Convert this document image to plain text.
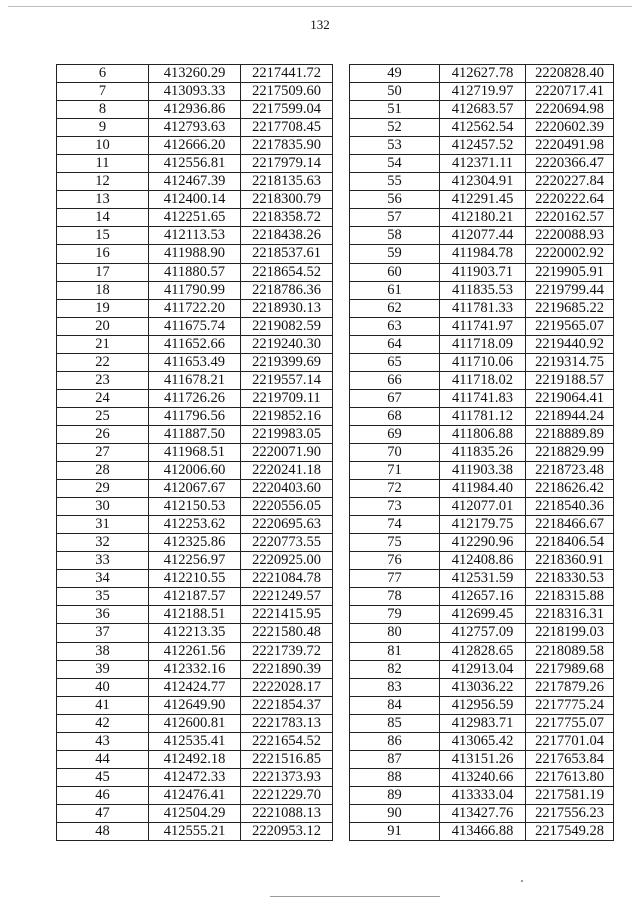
132
6	413260.29	2217441.72
7	413093.33	2217509.60
8	412936.86	2217599.04
9	412793.63	2217708.45
10	412666.20	2217835.90
11	412556.81	2217979.14
12	412467.39	2218135.63
13	412400.14	2218300.79
14	412251.65	2218358.72
15	412113.53	2218438.26
16	411988.90	2218537.61
17	411880.57	2218654.52
18	411790.99	2218786.36
19	411722.20	2218930.13
20	411675.74	2219082.59
21	411652.66	2219240.30
22	411653.49	2219399.69
23	411678.21	2219557.14
24	411726.26	2219709.11
25	411796.56	2219852.16
26	411887.50	2219983.05
27	411968.51	2220071.90
28	412006.60	2220241.18
29	412067.67	2220403.60
30	412150.53	2220556.05
31	412253.62	2220695.63
32	412325.86	2220773.55
33	412256.97	2220925.00
34	412210.55	2221084.78
35	412187.57	2221249.57
36	412188.51	2221415.95
37	412213.35	2221580.48
38	412261.56	2221739.72
39	412332.16	2221890.39
40	412424.77	2222028.17
41	412649.90	2221854.37
42	412600.81	2221783.13
43	412535.41	2221654.52
44	412492.18	2221516.85
45	412472.33	2221373.93
46	412476.41	2221229.70
47	412504.29	2221088.13
48	412555.21	2220953.12
49	412627.78	2220828.40
50	412719.97	2220717.41
51	412683.57	2220694.98
52	412562.54	2220602.39
53	412457.52	2220491.98
54	412371.11	2220366.47
55	412304.91	2220227.84
56	412291.45	2220222.64
57	412180.21	2220162.57
58	412077.44	2220088.93
59	411984.78	2220002.92
60	411903.71	2219905.91
61	411835.53	2219799.44
62	411781.33	2219685.22
63	411741.97	2219565.07
64	411718.09	2219440.92
65	411710.06	2219314.75
66	411718.02	2219188.57
67	411741.83	2219064.41
68	411781.12	2218944.24
69	411806.88	2218889.89
70	411835.26	2218829.99
71	411903.38	2218723.48
72	411984.40	2218626.42
73	412077.01	2218540.36
74	412179.75	2218466.67
75	412290.96	2218406.54
76	412408.86	2218360.91
77	412531.59	2218330.53
78	412657.16	2218315.88
79	412699.45	2218316.31
80	412757.09	2218199.03
81	412828.65	2218089.58
82	412913.04	2217989.68
83	413036.22	2217879.26
84	412956.59	2217775.24
85	412983.71	2217755.07
86	413065.42	2217701.04
87	413151.26	2217653.84
88	413240.66	2217613.80
89	413333.04	2217581.19
90	413427.76	2217556.23
91	413466.88	2217549.28
